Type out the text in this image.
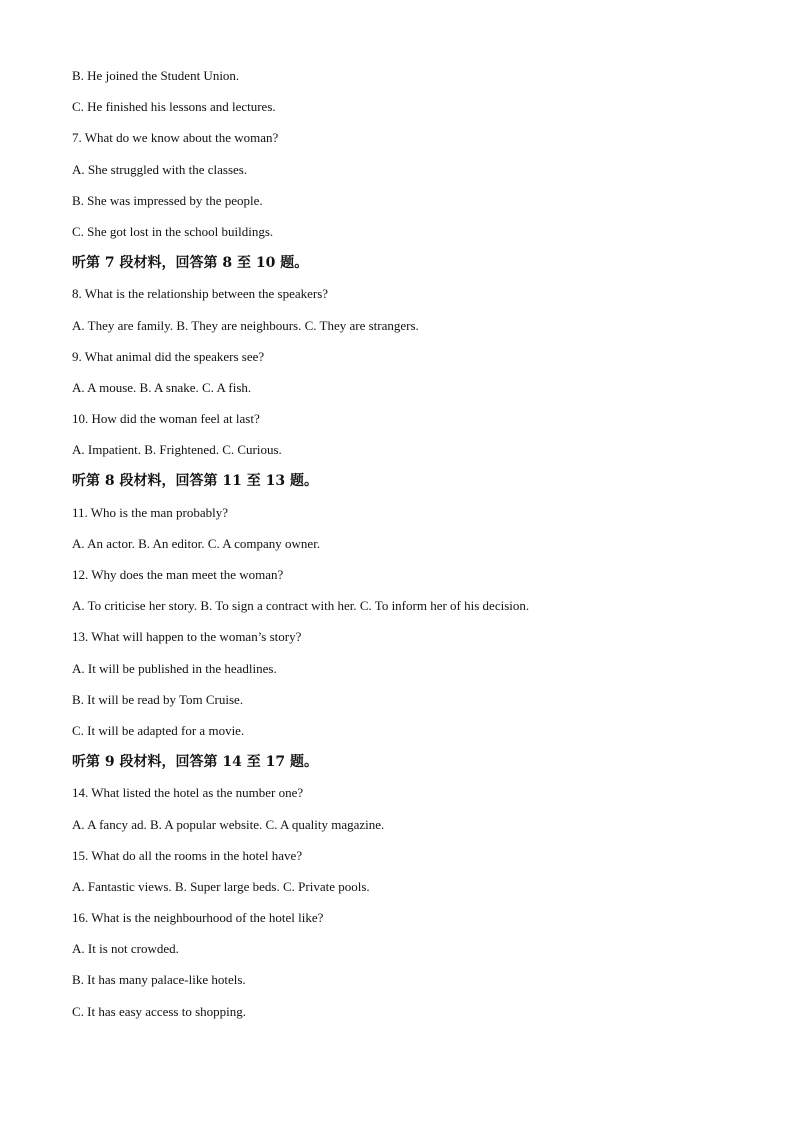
B. He joined the Student Union.
C. He finished his lessons and lectures.
7. What do we know about the woman?
A. She struggled with the classes.
B. She was impressed by the people.
C. She got lost in the school buildings.
听第 7 段材料，回答第 8 至 10 题。
8. What is the relationship between the speakers?
A. They are family. B. They are neighbours. C. They are strangers.
9. What animal did the speakers see?
A. A mouse. B. A snake. C. A fish.
10. How did the woman feel at last?
A. Impatient. B. Frightened. C. Curious.
听第 8 段材料，回答第 11 至 13 题。
11. Who is the man probably?
A. An actor. B. An editor. C. A company owner.
12. Why does the man meet the woman?
A. To criticise her story. B. To sign a contract with her. C. To inform her of his decision.
13. What will happen to the woman’s story?
A. It will be published in the headlines.
B. It will be read by Tom Cruise.
C. It will be adapted for a movie.
听第 9 段材料，回答第 14 至 17 题。
14. What listed the hotel as the number one?
A. A fancy ad. B. A popular website. C. A quality magazine.
15. What do all the rooms in the hotel have?
A. Fantastic views. B. Super large beds. C. Private pools.
16. What is the neighbourhood of the hotel like?
A. It is not crowded.
B. It has many palace-like hotels.
C. It has easy access to shopping.
